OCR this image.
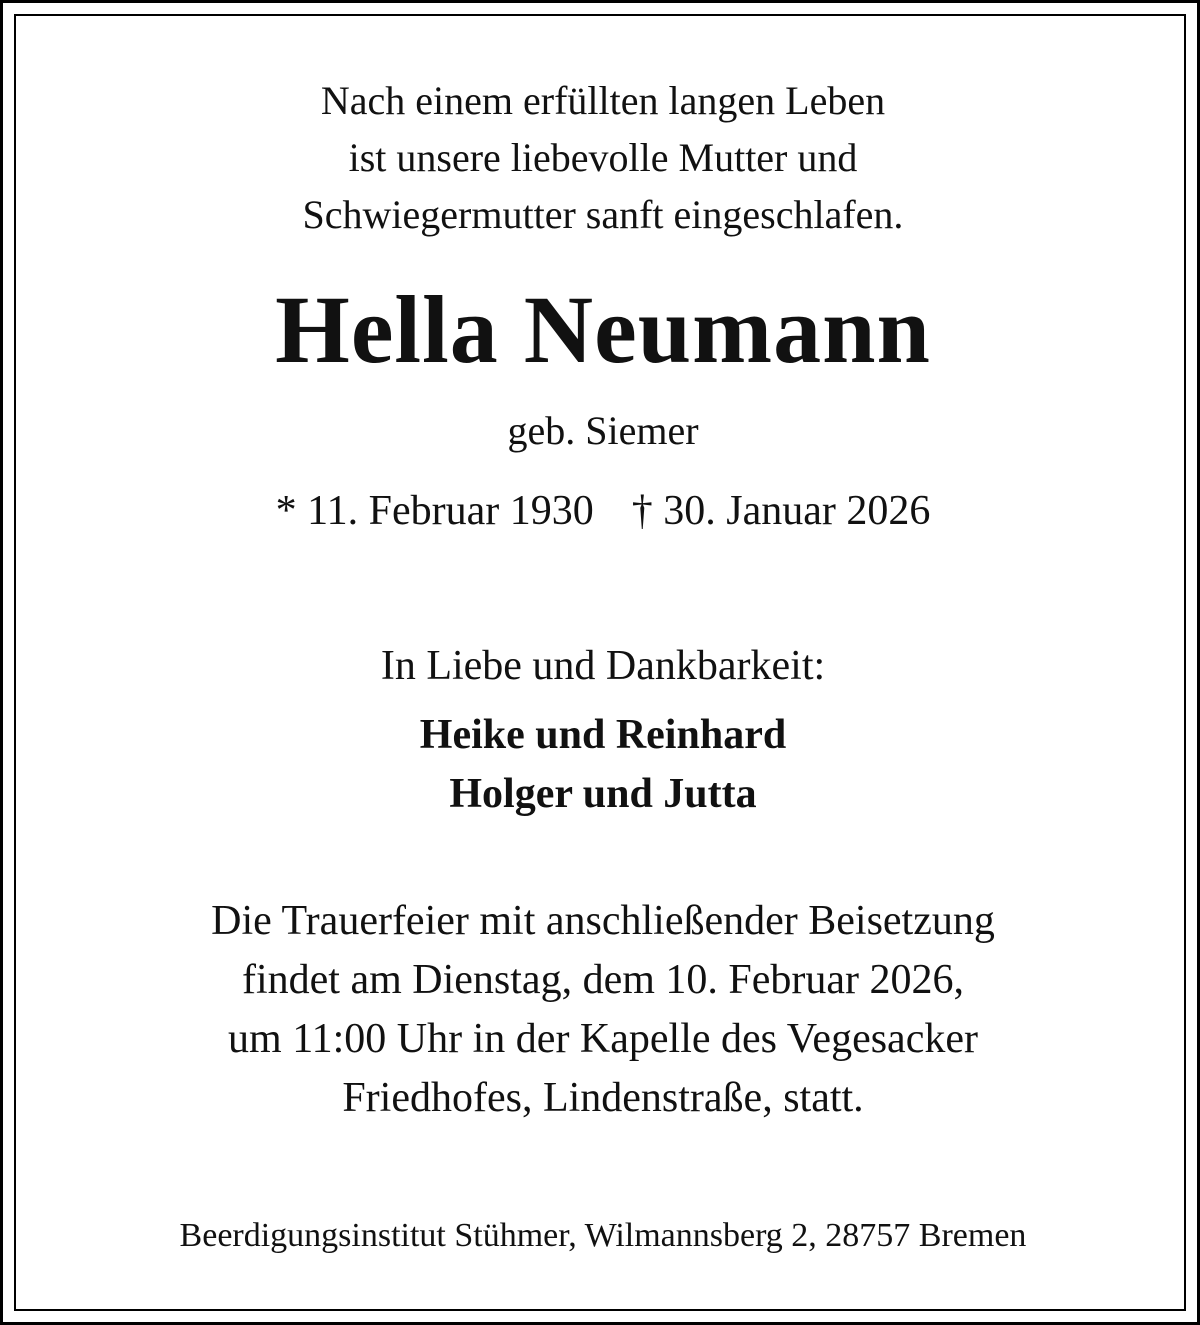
Nach einem erfüllten langen Leben
ist unsere liebevolle Mutter und
Schwiegermutter sanft eingeschlafen.
Hella Neumann
geb. Siemer
* 11. Februar 1930 † 30. Januar 2026
In Liebe und Dankbarkeit:
Heike und Reinhard
Holger und Jutta
Die Trauerfeier mit anschließender Beisetzung
findet am Dienstag, dem 10. Februar 2026,
um 11:00 Uhr in der Kapelle des Vegesacker
Friedhofes, Lindenstraße, statt.
Beerdigungsinstitut Stühmer, Wilmannsberg 2, 28757 Bremen
